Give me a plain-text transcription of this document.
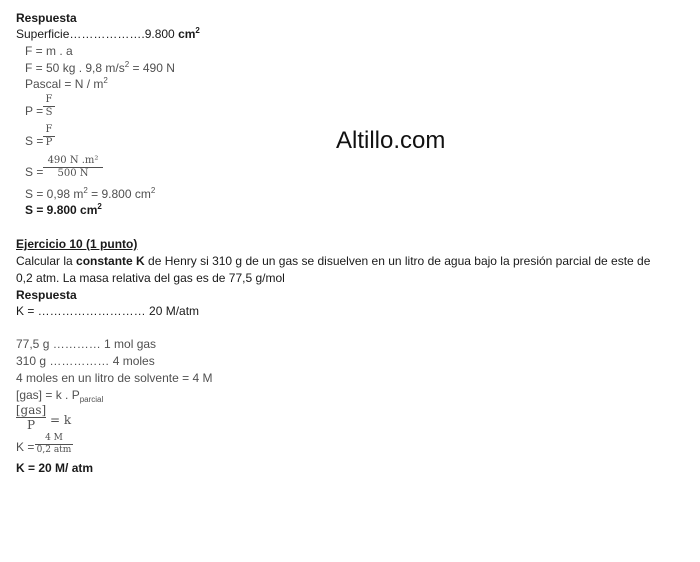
Altillo.com
Respuesta
Superficie……………….9.800 $cm^2$
F = m . a
F = 50 kg . 9,8 $m/s^2 = 490$ N
Pascal = N / $m^2$
P =
F
S
S =
F
P
S =
490 N .m²
500 N
S = 0,98 $m^2 = 9.800$ $cm^2$
S = 9.800 $cm^2$
Ejercicio 10 (1 punto)
Calcular la constante K de Henry si 310 g de un gas se disuelven en un litro de agua bajo la presión parcial de este de
0,2 atm. La masa relativa del gas es de 77,5 g/mol
Respuesta
K = ……………………… 20 M/atm
77,5 g ………… 1 mol gas
310 g …………… 4 moles
4 moles en un litro de solvente = 4 M
[gas] = k . $P_{parcial}$
[gas]
P = k
K =
4 M
0,2 atm
K = 20 M/ atm
